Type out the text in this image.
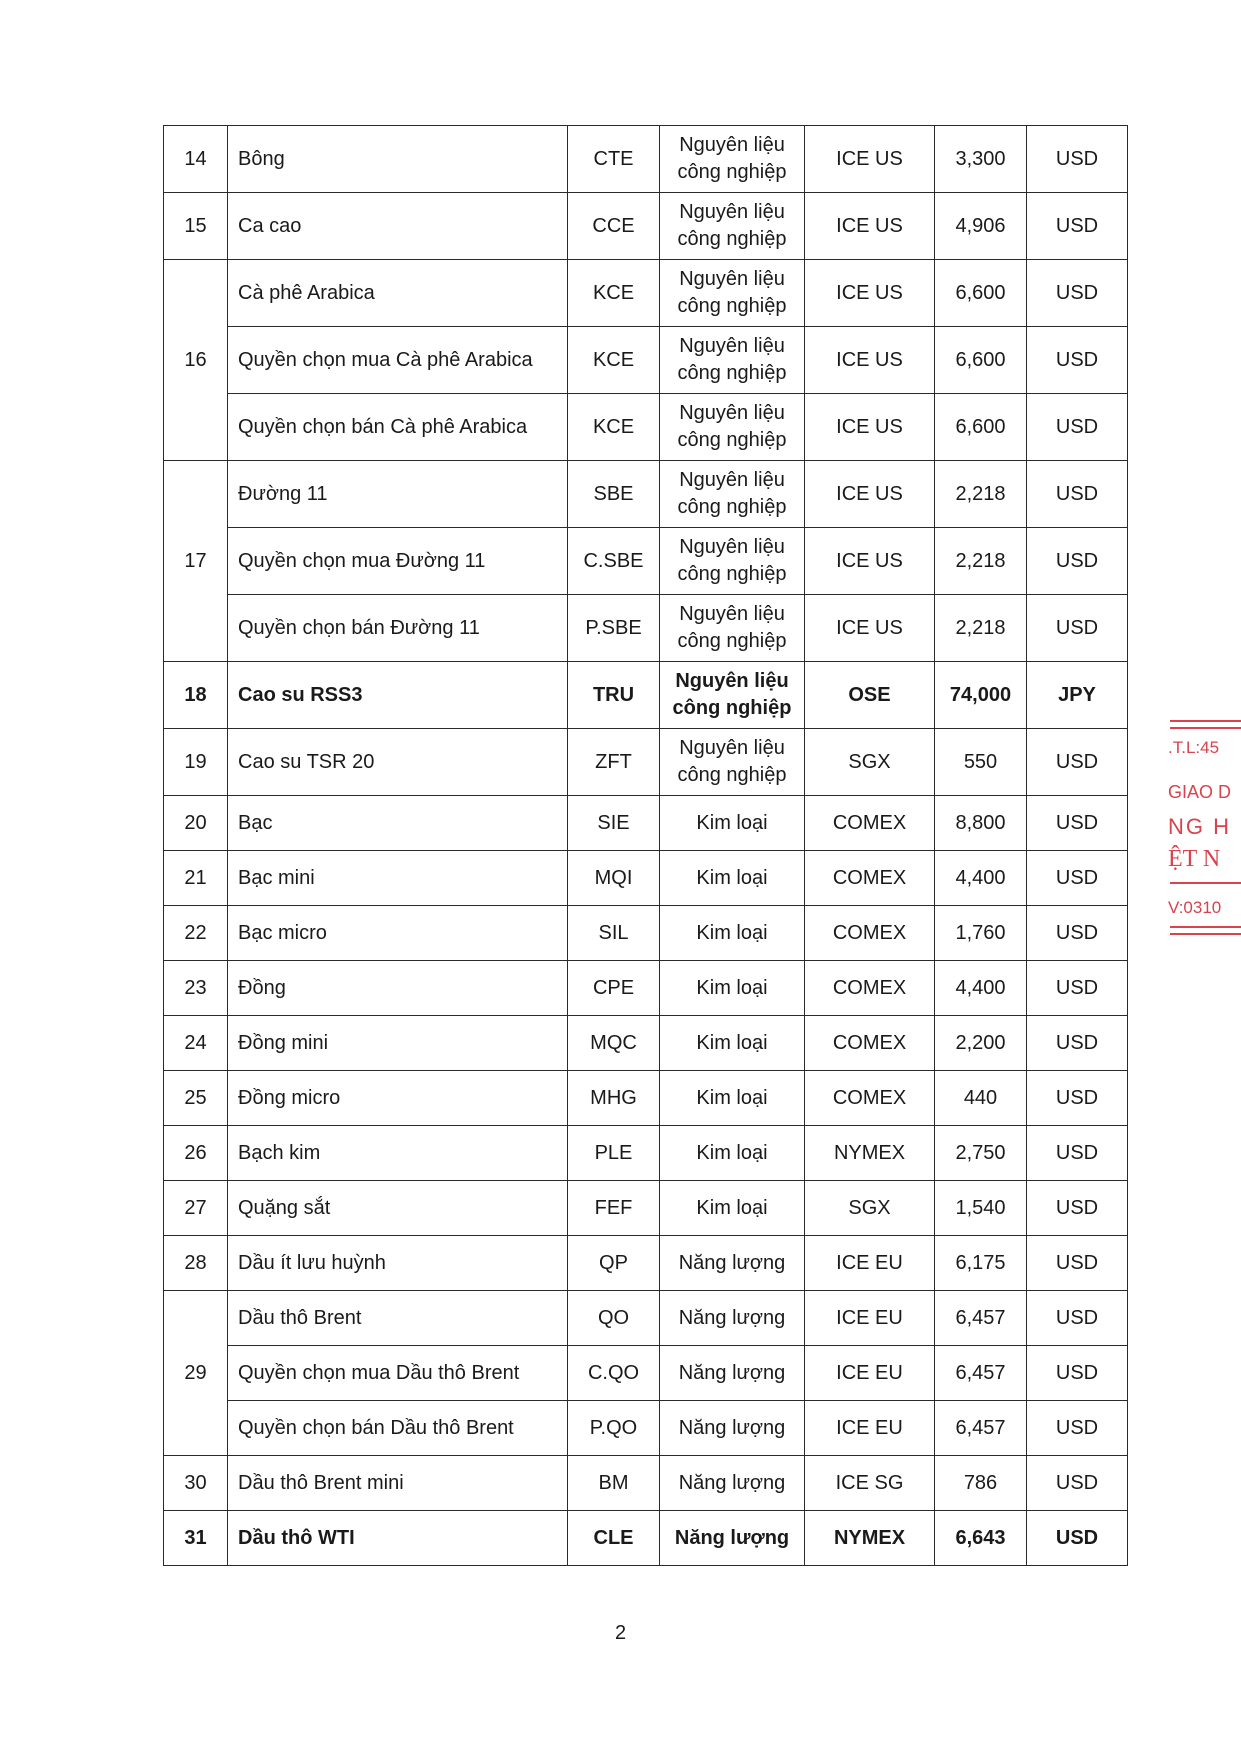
14	Bông	CTE	Nguyên liệu công nghiệp	ICE US	3,300	USD
15	Ca cao	CCE	Nguyên liệu công nghiệp	ICE US	4,906	USD
16	Cà phê Arabica	KCE	Nguyên liệu công nghiệp	ICE US	6,600	USD
	Quyền chọn mua Cà phê Arabica	KCE	Nguyên liệu công nghiệp	ICE US	6,600	USD
	Quyền chọn bán Cà phê Arabica	KCE	Nguyên liệu công nghiệp	ICE US	6,600	USD
17	Đường 11	SBE	Nguyên liệu công nghiệp	ICE US	2,218	USD
	Quyền chọn mua Đường 11	C.SBE	Nguyên liệu công nghiệp	ICE US	2,218	USD
	Quyền chọn bán Đường 11	P.SBE	Nguyên liệu công nghiệp	ICE US	2,218	USD
18	Cao su RSS3	TRU	Nguyên liệu công nghiệp	OSE	74,000	JPY
19	Cao su TSR 20	ZFT	Nguyên liệu công nghiệp	SGX	550	USD
20	Bạc	SIE	Kim loại	COMEX	8,800	USD
21	Bạc mini	MQI	Kim loại	COMEX	4,400	USD
22	Bạc micro	SIL	Kim loại	COMEX	1,760	USD
23	Đồng	CPE	Kim loại	COMEX	4,400	USD
24	Đồng mini	MQC	Kim loại	COMEX	2,200	USD
25	Đồng micro	MHG	Kim loại	COMEX	440	USD
26	Bạch kim	PLE	Kim loại	NYMEX	2,750	USD
27	Quặng sắt	FEF	Kim loại	SGX	1,540	USD
28	Dầu ít lưu huỳnh	QP	Năng lượng	ICE EU	6,175	USD
29	Dầu thô Brent	QO	Năng lượng	ICE EU	6,457	USD
	Quyền chọn mua Dầu thô Brent	C.QO	Năng lượng	ICE EU	6,457	USD
	Quyền chọn bán Dầu thô Brent	P.QO	Năng lượng	ICE EU	6,457	USD
30	Dầu thô Brent mini	BM	Năng lượng	ICE SG	786	USD
31	Dầu thô WTI	CLE	Năng lượng	NYMEX	6,643	USD
2
.T.L:45
GIAO D
NG H
ỆT N
V:0310
